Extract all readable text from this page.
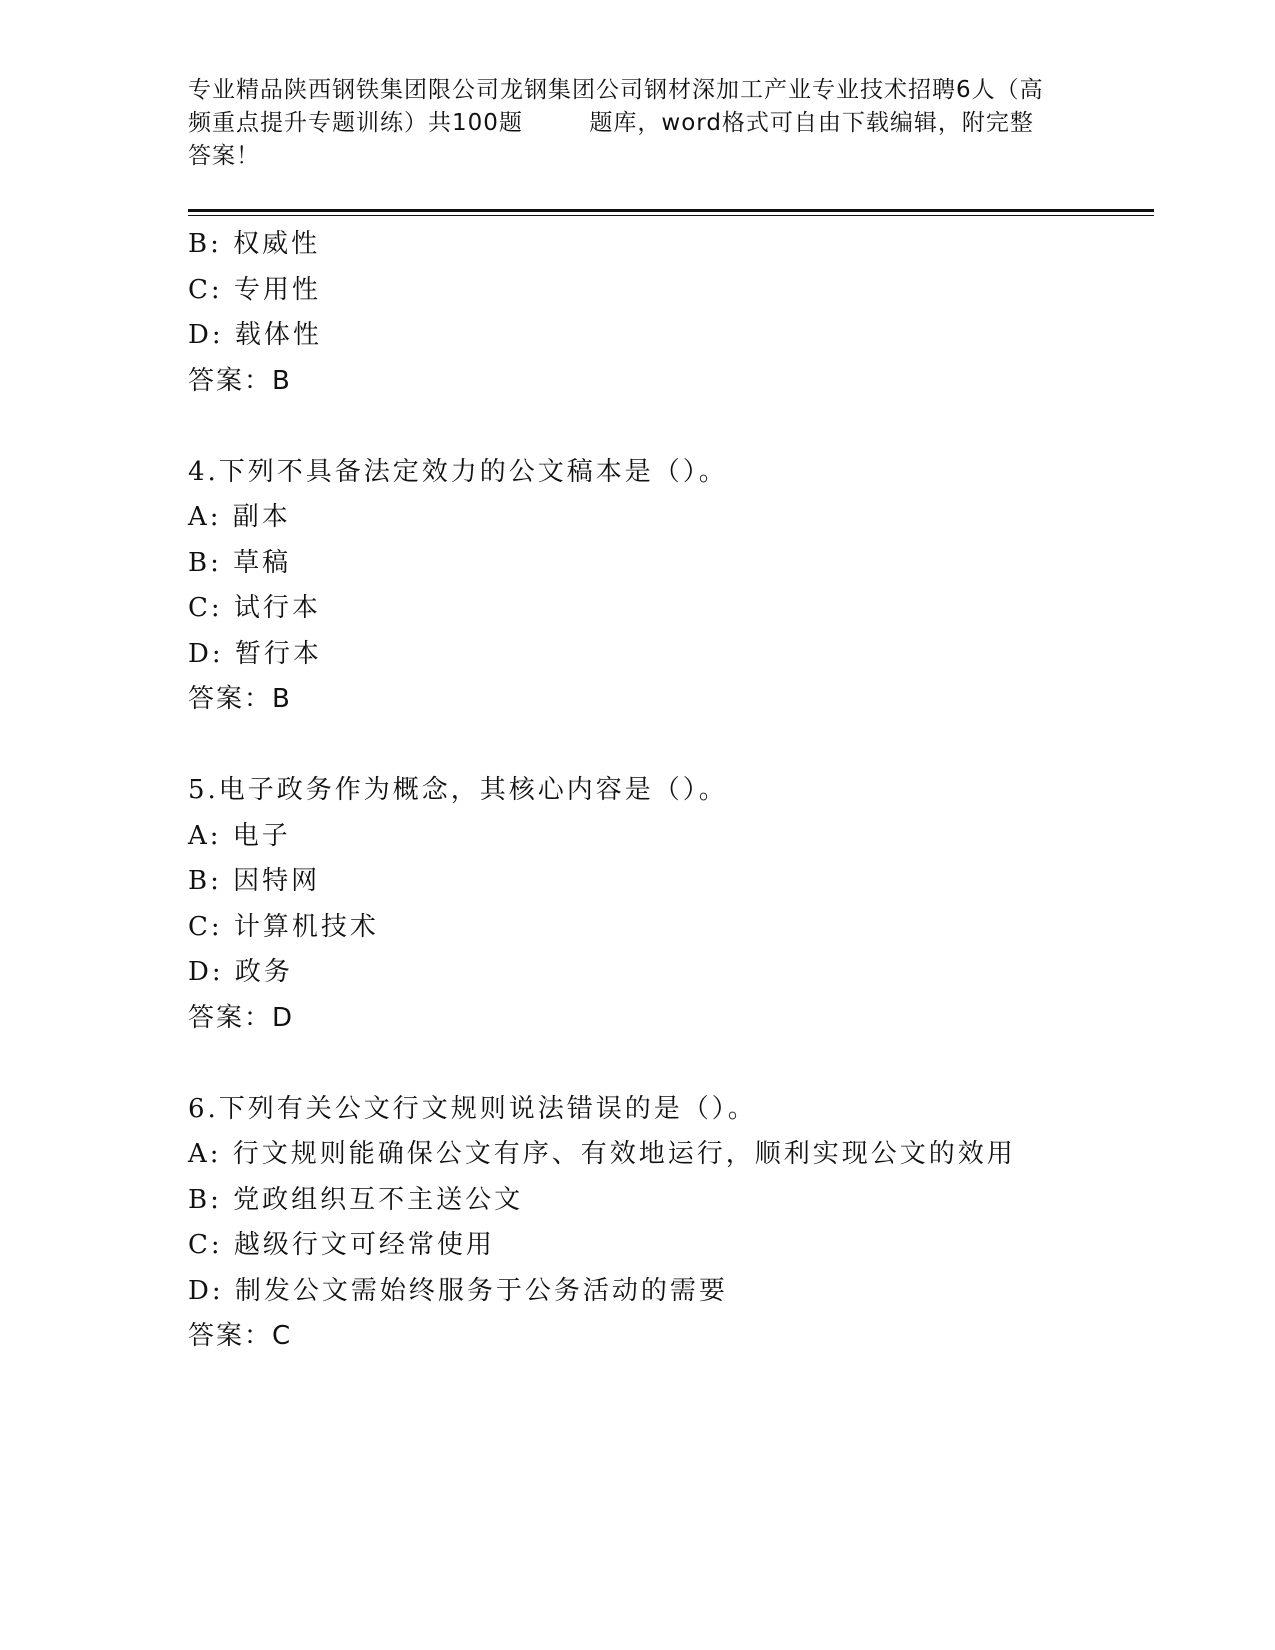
专业精品陕西钢铁集团限公司龙钢集团公司钢材深加工产业专业技术招聘6人（高
频重点提升专题训练）共100题        题库，word格式可自由下载编辑，附完整
答案！
B: 权威性
C: 专用性
D: 载体性
答案：B
4.下列不具备法定效力的公文稿本是（）。
A: 副本
B: 草稿
C: 试行本
D: 暂行本
答案：B
5.电子政务作为概念，其核心内容是（）。
A: 电子
B: 因特网
C: 计算机技术
D: 政务
答案：D
6.下列有关公文行文规则说法错误的是（）。
A: 行文规则能确保公文有序、有效地运行，顺利实现公文的效用
B: 党政组织互不主送公文
C: 越级行文可经常使用
D: 制发公文需始终服务于公务活动的需要
答案：C
